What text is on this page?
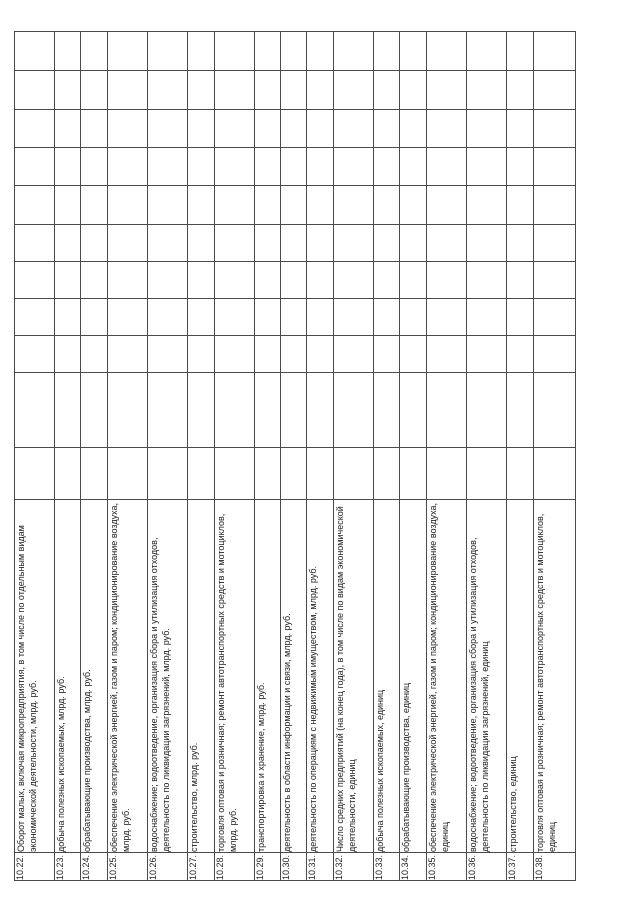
10.22.	Оборот малых, включая микропредприятия, в том числе по отдельным видам экономической деятельности, млрд. руб.											
10.23.	добыча полезных ископаемых, млрд. руб.											
10.24.	обрабатывающие производства, млрд. руб.											
10.25.	обеспечение электрической энергией, газом и паром; кондиционирование воздуха, млрд. руб.											
10.26.	водоснабжение; водоотведение, организация сбора и утилизация отходов, деятельность по ликвидации загрязнений, млрд. руб.											
10.27.	строительство, млрд. руб.											
10.28.	торговля оптовая и розничная; ремонт автотранспортных средств и мотоциклов, млрд. руб.											
10.29.	транспортировка и хранение, млрд. руб.											
10.30.	деятельность в области информации и связи, млрд. руб.											
10.31.	деятельность по операциям с недвижимым имуществом, млрд. руб.											
10.32.	Число средних предприятий (на конец года), в том числе по видам экономической деятельности, единиц											
10.33.	добыча полезных ископаемых, единиц											
10.34.	обрабатывающие производства, единиц											
10.35.	обеспечение электрической энергией, газом и паром; кондиционирование воздуха, единиц											
10.36.	водоснабжение; водоотведение, организация сбора и утилизация отходов, деятельность по ликвидации загрязнений, единиц											
10.37.	строительство, единиц											
10.38.	торговля оптовая и розничная; ремонт автотранспортных средств и мотоциклов, единиц											
